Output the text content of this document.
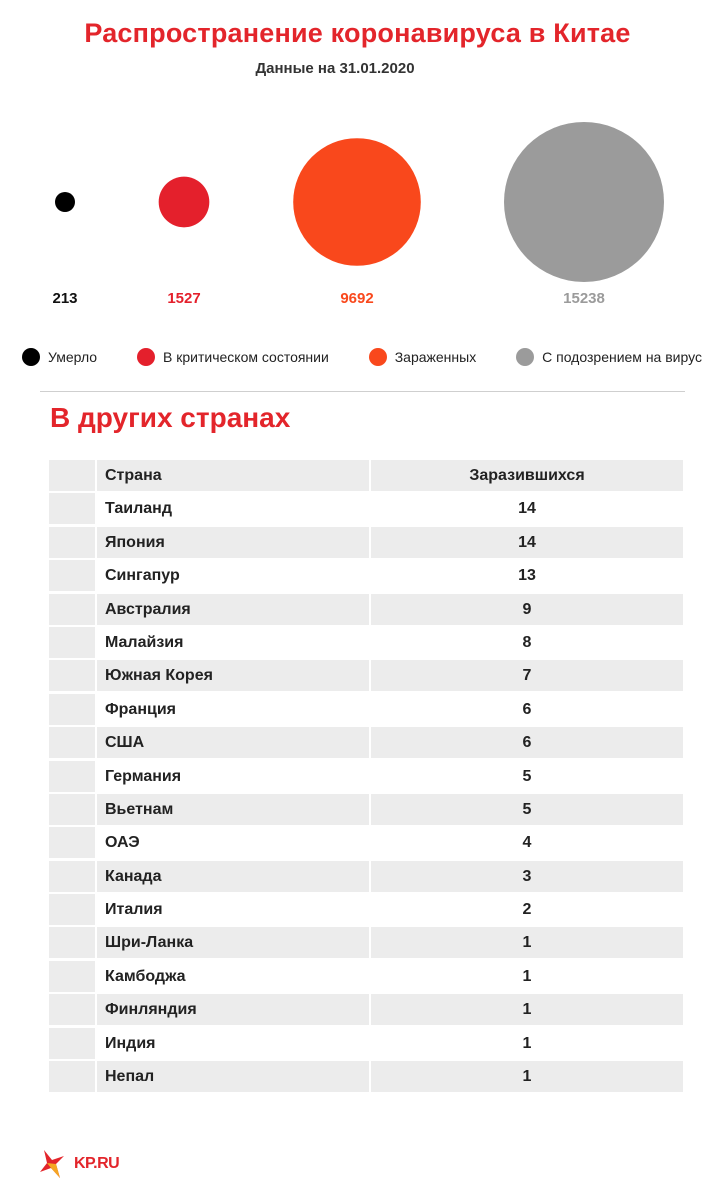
Распространение коронавируса в Китае
Данные на 31.01.2020
213	1527	9692	15238
Умерло	В критическом состоянии	Зараженных	С подозрением на вирус
В других странах
Страна	Заразившихся
Таиланд	14
Япония	14
Сингапур	13
Австралия	9
Малайзия	8
Южная Корея	7
Франция	6
США	6
Германия	5
Вьетнам	5
ОАЭ	4
Канада	3
Италия	2
Шри-Ланка	1
Камбоджа	1
Финляндия	1
Индия	1
Непал	1
KP.RU
